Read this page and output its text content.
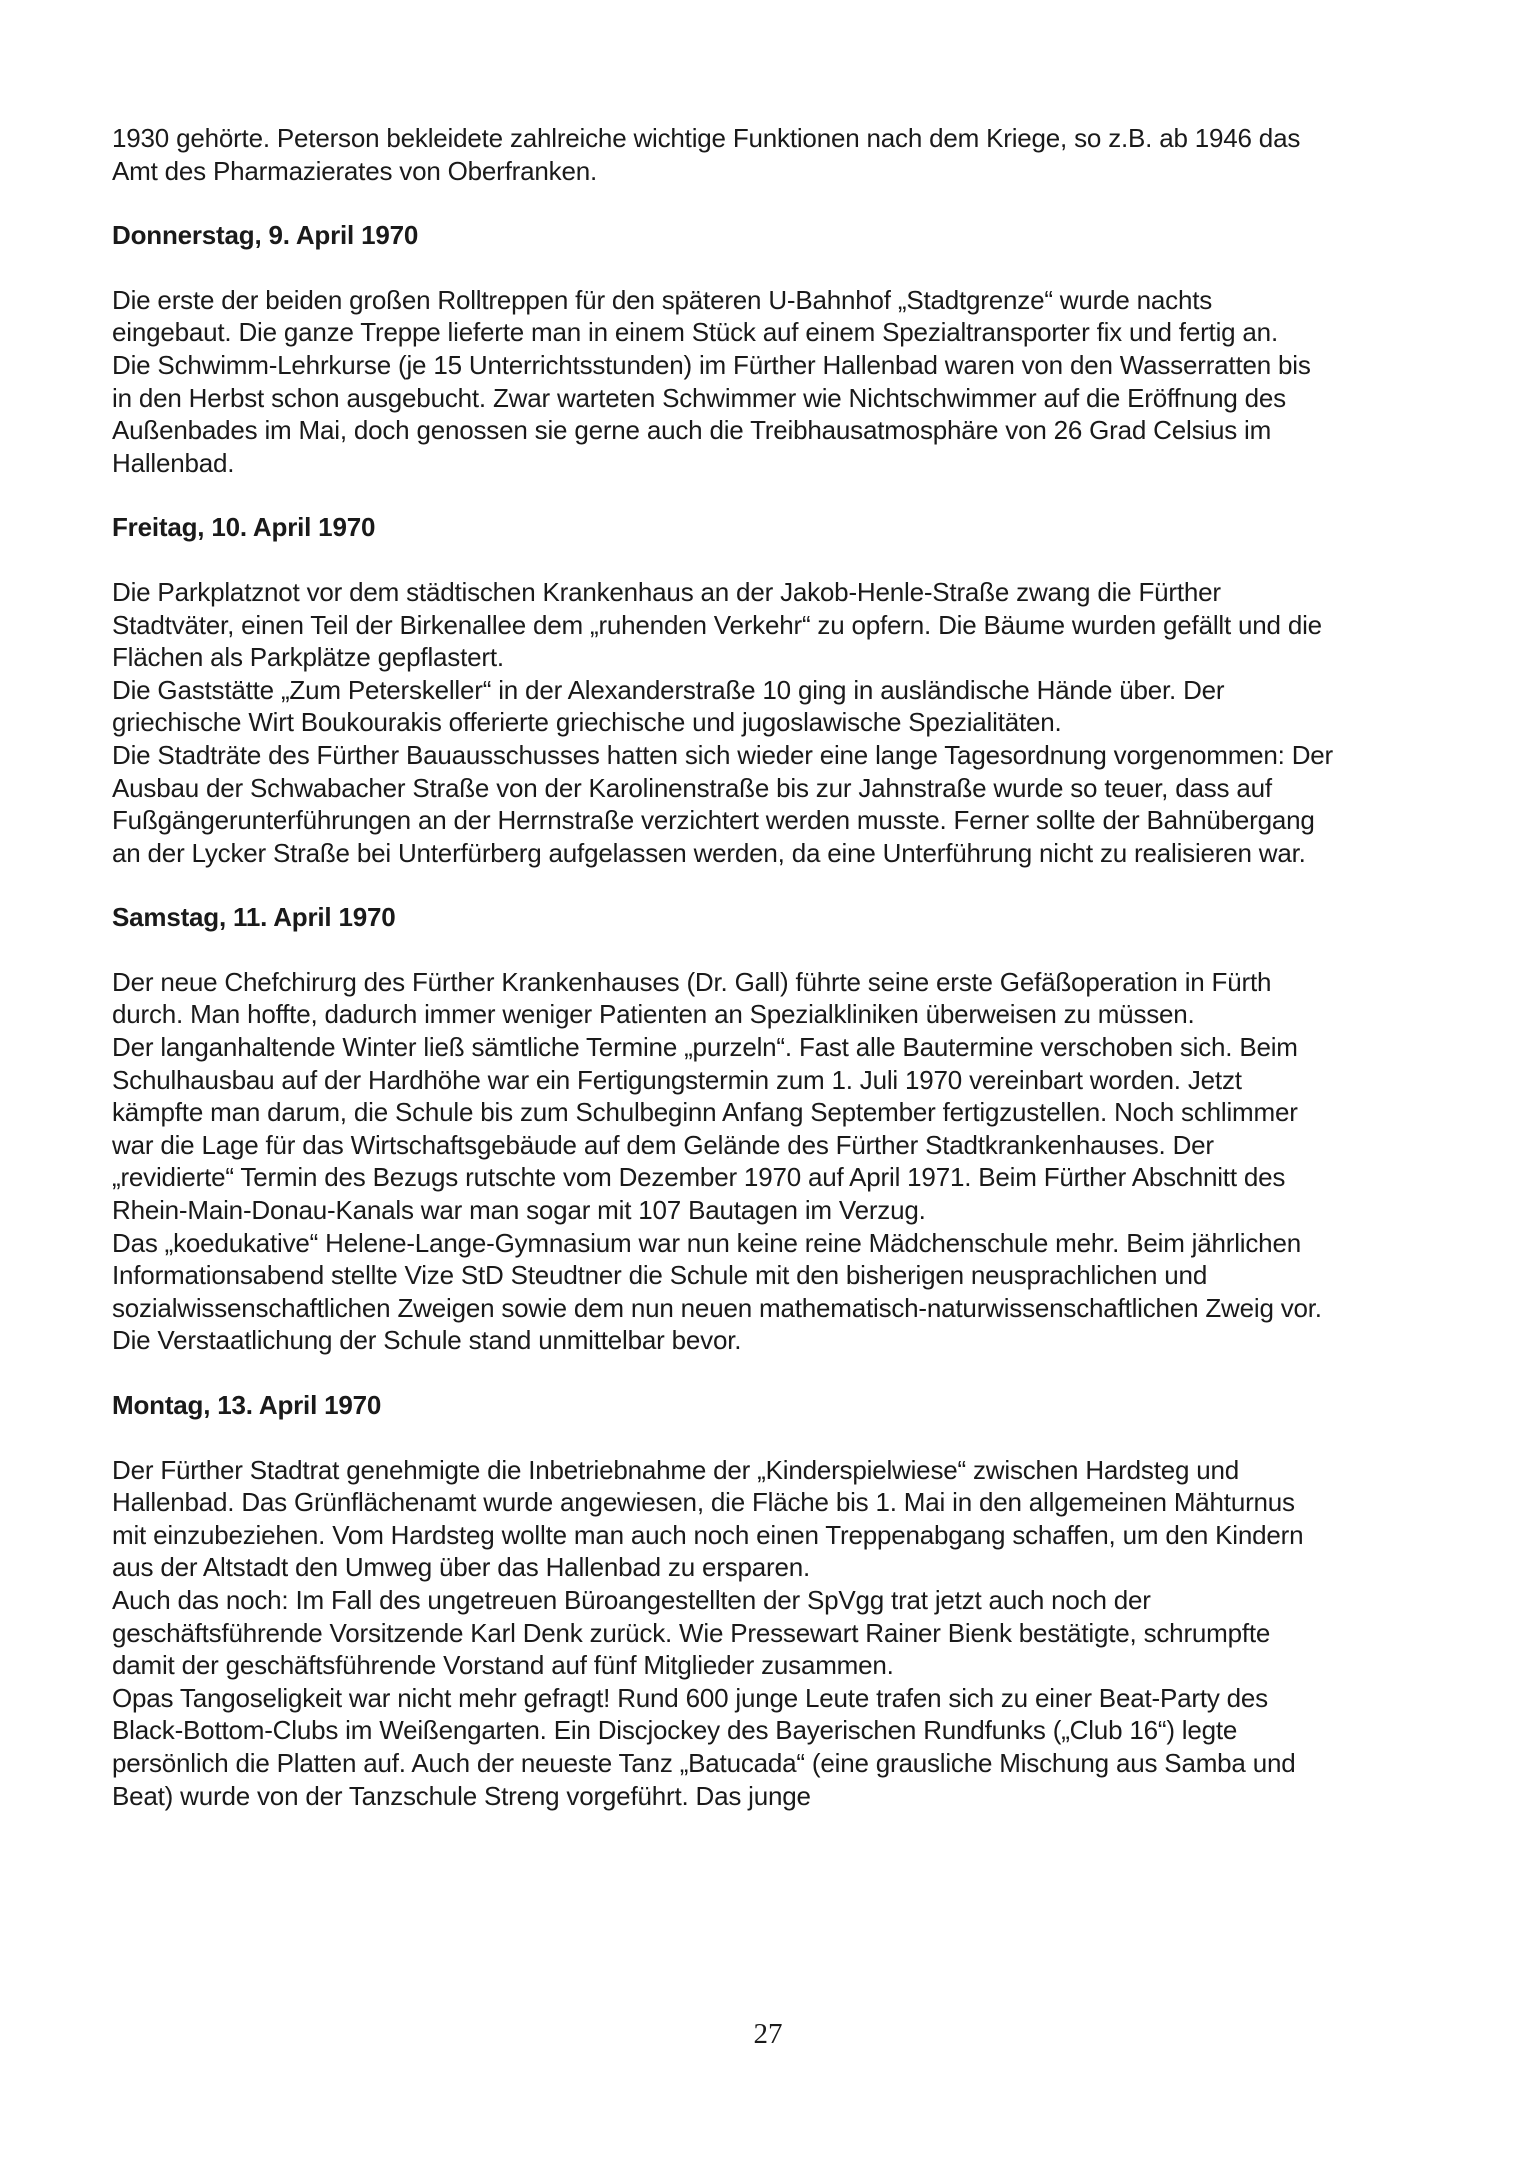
1930 gehörte. Peterson bekleidete zahlreiche wichtige Funktionen nach dem Kriege, so z.B. ab 1946 das Amt des Pharmazierates von Oberfranken.

Donnerstag, 9. April 1970

Die erste der beiden großen Rolltreppen für den späteren U-Bahnhof „Stadtgrenze“ wurde nachts eingebaut. Die ganze Treppe lieferte man in einem Stück auf einem Spezialtransporter fix und fertig an.

Die Schwimm-Lehrkurse (je 15 Unterrichtsstunden) im Fürther Hallenbad waren von den Wasserratten bis in den Herbst schon ausgebucht. Zwar warteten Schwimmer wie Nichtschwimmer auf die Eröffnung des Außenbades im Mai, doch genossen sie gerne auch die Treibhausatmosphäre von 26 Grad Celsius im Hallenbad.

Freitag, 10. April 1970

Die Parkplatznot vor dem städtischen Krankenhaus an der Jakob-Henle-Straße zwang die Fürther Stadtväter, einen Teil der Birkenallee dem „ruhenden Verkehr“ zu opfern. Die Bäume wurden gefällt und die Flächen als Parkplätze gepflastert.

Die Gaststätte „Zum Peterskeller“ in der Alexanderstraße 10 ging in ausländische Hände über. Der griechische Wirt Boukourakis offerierte griechische und jugoslawische Spezialitäten.

Die Stadträte des Fürther Bauausschusses hatten sich wieder eine lange Tagesordnung vorgenommen: Der Ausbau der Schwabacher Straße von der Karolinenstraße bis zur Jahnstraße wurde so teuer, dass auf Fußgängerunterführungen an der Herrnstraße verzichtert werden musste. Ferner sollte der Bahnübergang an der Lycker Straße bei Unterfürberg aufgelassen werden, da eine Unterführung nicht zu realisieren war.

Samstag, 11. April 1970

Der neue Chefchirurg des Fürther Krankenhauses (Dr. Gall) führte seine erste Gefäßoperation in Fürth durch. Man hoffte, dadurch immer weniger Patienten an Spezialkliniken überweisen zu müssen.

Der langanhaltende Winter ließ sämtliche Termine „purzeln“. Fast alle Bautermine verschoben sich. Beim Schulhausbau auf der Hardhöhe war ein Fertigungstermin zum 1. Juli 1970 vereinbart worden. Jetzt kämpfte man darum, die Schule bis zum Schulbeginn Anfang September fertigzustellen. Noch schlimmer war die Lage für das Wirtschaftsgebäude auf dem Gelände des Fürther Stadtkrankenhauses. Der „revidierte“ Termin des Bezugs rutschte vom Dezember 1970 auf April 1971. Beim Fürther Abschnitt des Rhein-Main-Donau-Kanals war man sogar mit 107 Bautagen im Verzug.

Das „koedukative“ Helene-Lange-Gymnasium war nun keine reine Mädchenschule mehr. Beim jährlichen Informationsabend stellte Vize StD Steudtner die Schule mit den bisherigen neusprachlichen und sozialwissenschaftlichen Zweigen sowie dem nun neuen mathematisch-naturwissenschaftlichen Zweig vor. Die Verstaatlichung der Schule stand unmittelbar bevor.

Montag, 13. April 1970

Der Fürther Stadtrat genehmigte die Inbetriebnahme der „Kinderspielwiese“ zwischen Hardsteg und Hallenbad. Das Grünflächenamt wurde angewiesen, die Fläche bis 1. Mai in den allgemeinen Mähturnus mit einzubeziehen. Vom Hardsteg wollte man auch noch einen Treppenabgang schaffen, um den Kindern aus der Altstadt den Umweg über das Hallenbad zu ersparen.

Auch das noch: Im Fall des ungetreuen Büroangestellten der SpVgg trat jetzt auch noch der geschäftsführende Vorsitzende Karl Denk zurück. Wie Pressewart Rainer Bienk bestätigte, schrumpfte damit der geschäftsführende Vorstand auf fünf Mitglieder zusammen.

Opas Tangoseligkeit war nicht mehr gefragt! Rund 600 junge Leute trafen sich zu einer Beat-Party des Black-Bottom-Clubs im Weißengarten. Ein Discjockey des Bayerischen Rundfunks („Club 16“) legte persönlich die Platten auf. Auch der neueste Tanz „Batucada“ (eine grausliche Mischung aus Samba und Beat) wurde von der Tanzschule Streng vorgeführt. Das junge

27
